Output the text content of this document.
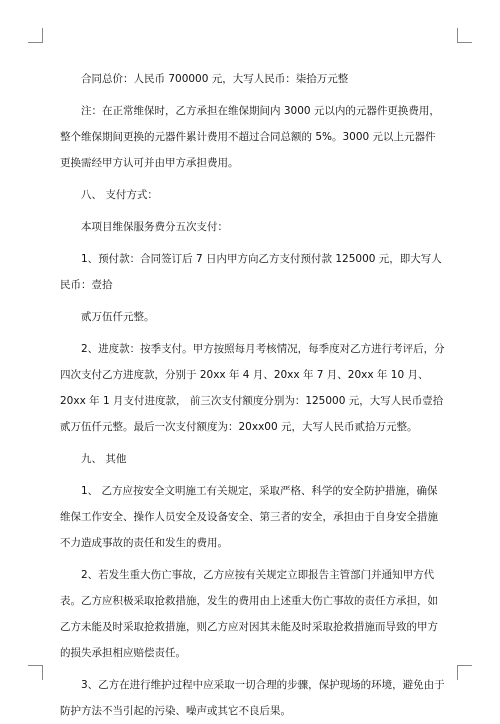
合同总价：人民币 700000 元，大写人民币：柒拾万元整

注：在正常维保时，乙方承担在维保期间内 3000 元以内的元器件更换费用，整个维保期间更换的元器件累计费用不超过合同总额的 5%。3000 元以上元器件更换需经甲方认可并由甲方承担费用。

八、 支付方式：

本项目维保服务费分五次支付：

1、预付款：合同签订后 7 日内甲方向乙方支付预付款 125000 元，即大写人民币：壹拾

贰万伍仟元整。

2、进度款：按季支付。甲方按照每月考核情况，每季度对乙方进行考评后，分四次支付乙方进度款，分别于 20xx 年 4 月、20xx 年 7 月、20xx 年 10 月、20xx 年 1 月支付进度款， 前三次支付额度分别为：125000 元，大写人民币壹拾贰万伍仟元整。最后一次支付额度为：20xx00 元，大写人民币贰拾万元整。

九、 其他

1、 乙方应按安全文明施工有关规定，采取严格、科学的安全防护措施，确保维保工作安全、操作人员安全及设备安全、第三者的安全，承担由于自身安全措施不力造成事故的责任和发生的费用。

2、若发生重大伤亡事故，乙方应按有关规定立即报告主管部门并通知甲方代表。乙方应积极采取抢救措施，发生的费用由上述重大伤亡事故的责任方承担，如乙方未能及时采取抢救措施，则乙方应对因其未能及时采取抢救措施而导致的甲方的损失承担相应赔偿责任。

3、乙方在进行维护过程中应采取一切合理的步骤，保护现场的环境，避免由于防护方法不当引起的污染、噪声或其它不良后果。
